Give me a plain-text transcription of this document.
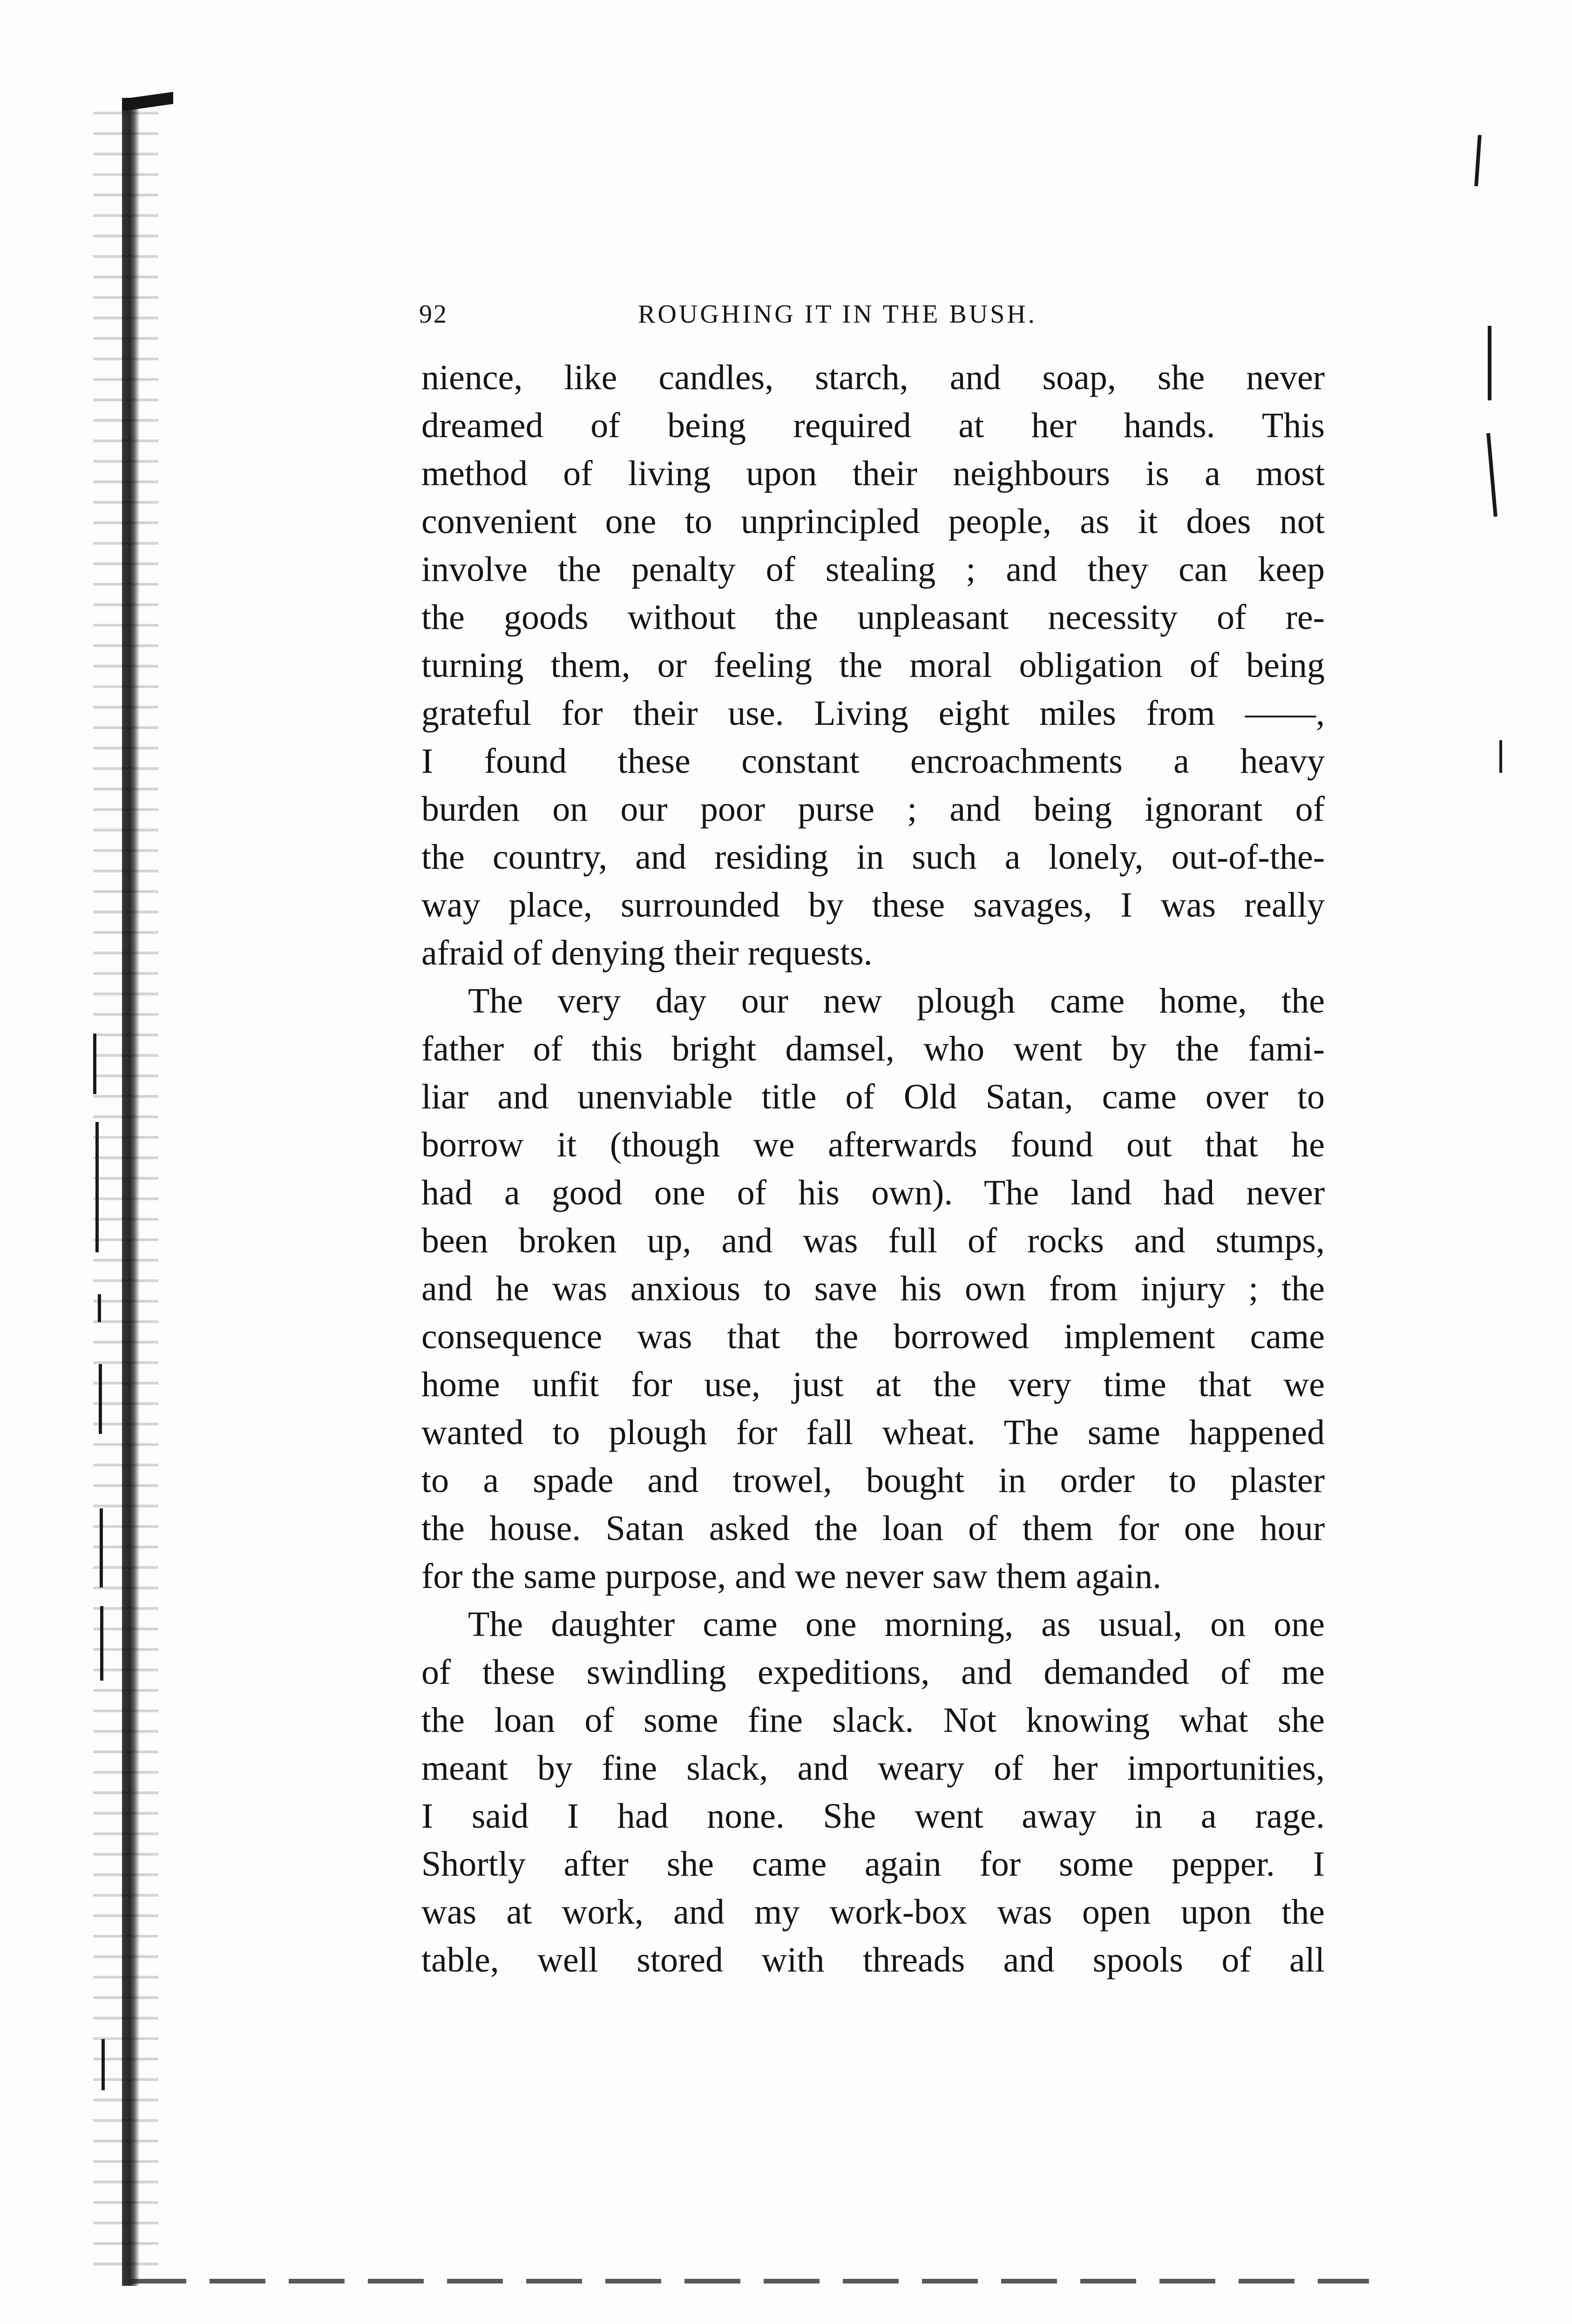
92	ROUGHING IT IN THE BUSH.
nience, like candles, starch, and soap, she never
dreamed of being required at her hands. This
method of living upon their neighbours is a most
convenient one to unprincipled people, as it does not
involve the penalty of stealing ; and they can keep
the goods without the unpleasant necessity of re-
turning them, or feeling the moral obligation of being
grateful for their use. Living eight miles from ——,
I found these constant encroachments a heavy
burden on our poor purse ; and being ignorant of
the country, and residing in such a lonely, out-of-the-
way place, surrounded by these savages, I was really
afraid of denying their requests.
The very day our new plough came home, the
father of this bright damsel, who went by the fami-
liar and unenviable title of Old Satan, came over to
borrow it (though we afterwards found out that he
had a good one of his own). The land had never
been broken up, and was full of rocks and stumps,
and he was anxious to save his own from injury ; the
consequence was that the borrowed implement came
home unfit for use, just at the very time that we
wanted to plough for fall wheat. The same happened
to a spade and trowel, bought in order to plaster
the house. Satan asked the loan of them for one hour
for the same purpose, and we never saw them again.
The daughter came one morning, as usual, on one
of these swindling expeditions, and demanded of me
the loan of some fine slack. Not knowing what she
meant by fine slack, and weary of her importunities,
I said I had none. She went away in a rage.
Shortly after she came again for some pepper. I
was at work, and my work-box was open upon the
table, well stored with threads and spools of all
